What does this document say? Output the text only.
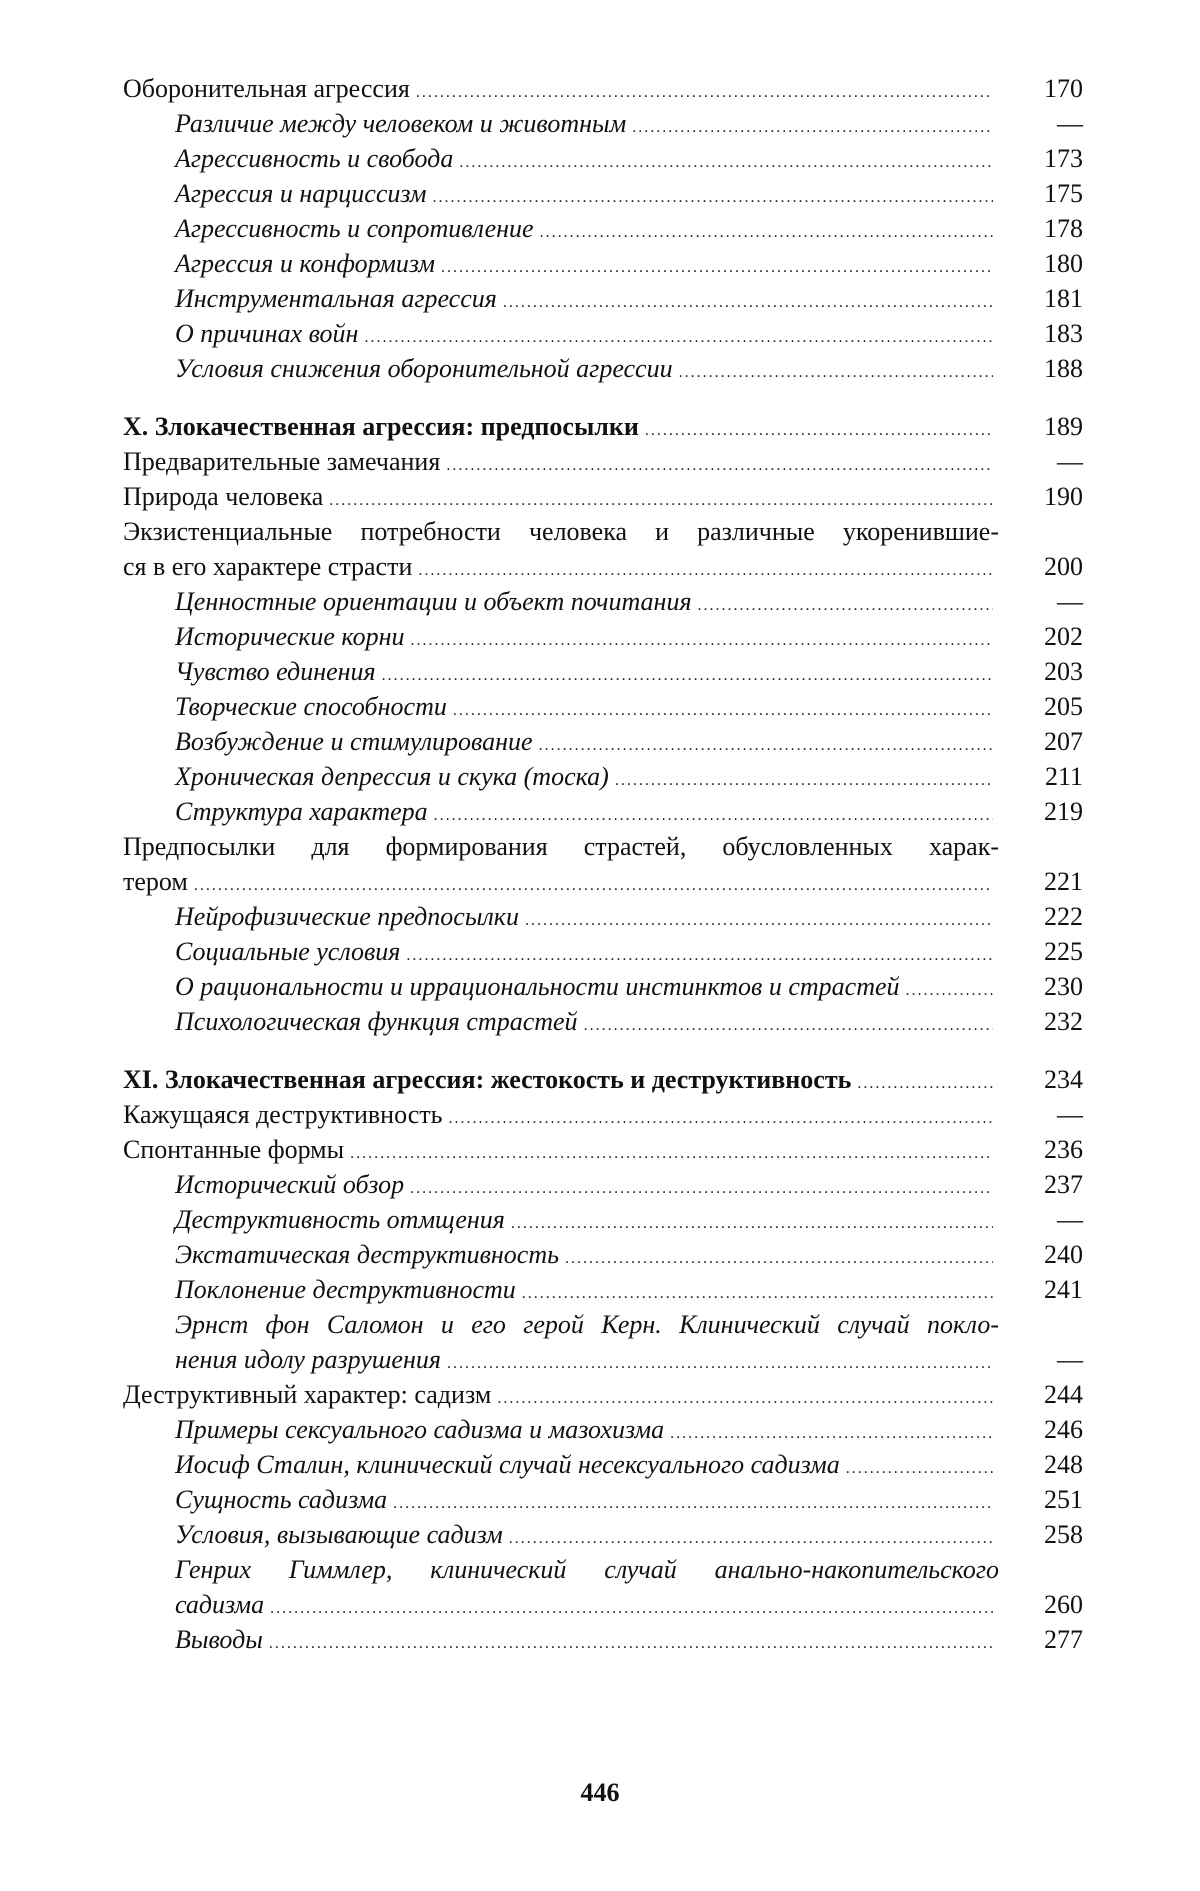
Оборонительная агрессия .....	170
Различие между человеком и животным .....	—
Агрессивность и свобода .....	173
Агрессия и нарциссизм .....	175
Агрессивность и сопротивление .....	178
Агрессия и конформизм .....	180
Инструментальная агрессия .....	181
О причинах войн .....	183
Условия снижения оборонительной агрессии .....	188
X. Злокачественная агрессия: предпосылки .....	189
Предварительные замечания .....	—
Природа человека .....	190
Экзистенциальные потребности человека и различные укоренившие-
ся в его характере страсти .....	200
Ценностные ориентации и объект почитания .....	—
Исторические корни .....	202
Чувство единения .....	203
Творческие способности .....	205
Возбуждение и стимулирование .....	207
Хроническая депрессия и скука (тоска) .....	211
Структура характера .....	219
Предпосылки для формирования страстей, обусловленных харак-
тером .....	221
Нейрофизические предпосылки .....	222
Социальные условия .....	225
О рациональности и иррациональности инстинктов и страстей .....	230
Психологическая функция страстей .....	232
XI. Злокачественная агрессия: жестокость и деструктивность .....	234
Кажущаяся деструктивность .....	—
Спонтанные формы .....	236
Исторический обзор .....	237
Деструктивность отмщения .....	—
Экстатическая деструктивность .....	240
Поклонение деструктивности .....	241
Эрнст фон Саломон и его герой Керн. Клинический случай покло-
нения идолу разрушения .....	—
Деструктивный характер: садизм .....	244
Примеры сексуального садизма и мазохизма .....	246
Иосиф Сталин, клинический случай несексуального садизма .....	248
Сущность садизма .....	251
Условия, вызывающие садизм .....	258
Генрих Гиммлер, клинический случай анально-накопительского
садизма .....	260
Выводы .....	277
446
